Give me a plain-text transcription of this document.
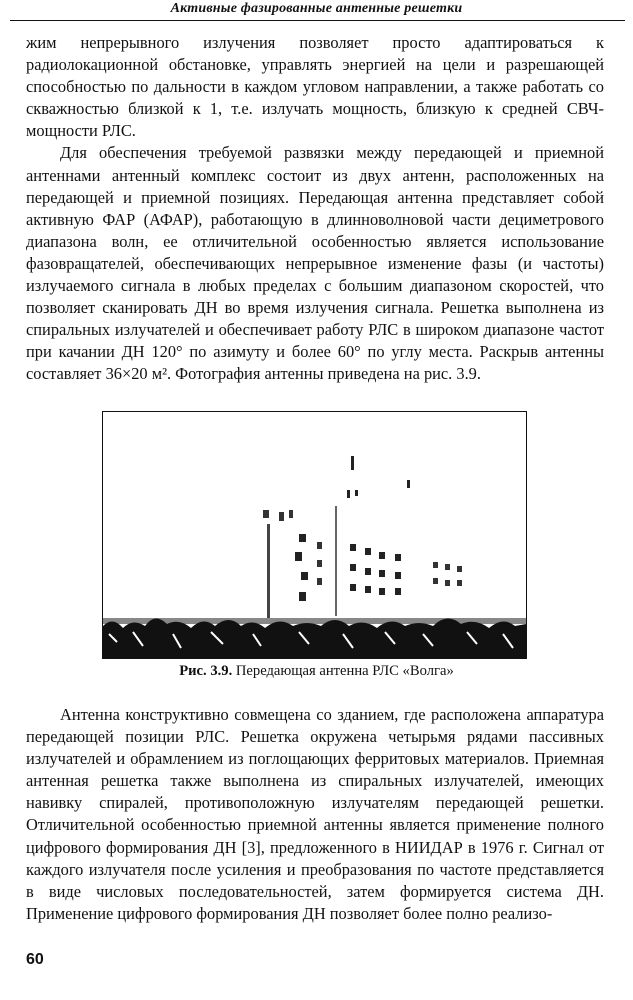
Активные фазированные антенные решетки

жим непрерывного излучения позволяет просто адаптироваться к радиолокационной обстановке, управлять энергией на цели и разрешающей способностью по дальности в каждом угловом направлении, а также работать со скважностью близкой к 1, т.е. излучать мощность, близкую к средней СВЧ-мощности РЛС.

Для обеспечения требуемой развязки между передающей и приемной антеннами антенный комплекс состоит из двух антенн, расположенных на передающей и приемной позициях. Передающая антенна представляет собой активную ФАР (АФАР), работающую в длинноволновой части дециметрового диапазона волн, ее отличительной особенностью является использование фазовращателей, обеспечивающих непрерывное изменение фазы (и частоты) излучаемого сигнала в любых пределах с большим диапазоном скоростей, что позволяет сканировать ДН во время излучения сигнала. Решетка выполнена из спиральных излучателей и обеспечивает работу РЛС в широком диапазоне частот при качании ДН 120° по азимуту и более 60° по углу места. Раскрыв антенны составляет 36×20 м². Фотография антенны приведена на рис. 3.9.

Рис. 3.9. Передающая антенна РЛС «Волга»

Антенна конструктивно совмещена со зданием, где расположена аппаратура передающей позиции РЛС. Решетка окружена четырьмя рядами пассивных излучателей и обрамлением из поглощающих ферритовых материалов. Приемная антенная решетка также выполнена из спиральных излучателей, имеющих навивку спиралей, противоположную излучателям передающей решетки. Отличительной особенностью приемной антенны является применение полного цифрового формирования ДН [3], предложенного в НИИДАР в 1976 г. Сигнал от каждого излучателя после усиления и преобразования по частоте представляется в виде числовых последовательностей, затем формируется система ДН. Применение цифрового формирования ДН позволяет более полно реализо-

60
